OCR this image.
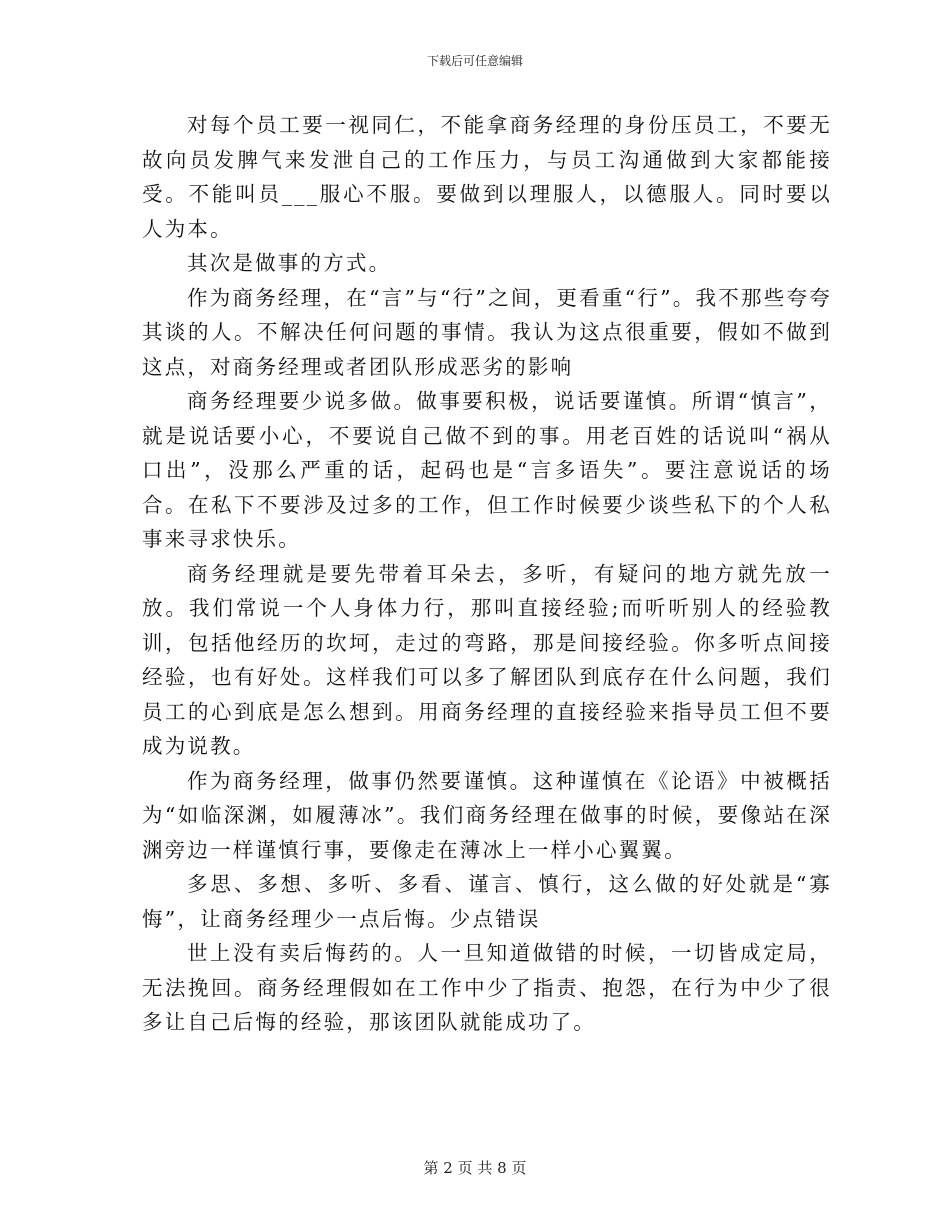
下载后可任意编辑

对每个员工要一视同仁，不能拿商务经理的身份压员工，不要无故向员发脾气来发泄自己的工作压力，与员工沟通做到大家都能接受。不能叫员___服心不服。要做到以理服人，以德服人。同时要以人为本。

其次是做事的方式。

作为商务经理，在“言”与“行”之间，更看重“行”。我不那些夸夸其谈的人。不解决任何问题的事情。我认为这点很重要，假如不做到这点，对商务经理或者团队形成恶劣的影响

商务经理要少说多做。做事要积极，说话要谨慎。所谓“慎言”，就是说话要小心，不要说自己做不到的事。用老百姓的话说叫“祸从口出”，没那么严重的话，起码也是“言多语失”。要注意说话的场合。在私下不要涉及过多的工作，但工作时候要少谈些私下的个人私事来寻求快乐。

商务经理就是要先带着耳朵去，多听，有疑问的地方就先放一放。我们常说一个人身体力行，那叫直接经验;而听听别人的经验教训，包括他经历的坎坷，走过的弯路，那是间接经验。你多听点间接经验，也有好处。这样我们可以多了解团队到底存在什么问题，我们员工的心到底是怎么想到。用商务经理的直接经验来指导员工但不要成为说教。

作为商务经理，做事仍然要谨慎。这种谨慎在《论语》中被概括为“如临深渊，如履薄冰”。我们商务经理在做事的时候，要像站在深渊旁边一样谨慎行事，要像走在薄冰上一样小心翼翼。

多思、多想、多听、多看、谨言、慎行，这么做的好处就是“寡悔”，让商务经理少一点后悔。少点错误

世上没有卖后悔药的。人一旦知道做错的时候，一切皆成定局，无法挽回。商务经理假如在工作中少了指责、抱怨，在行为中少了很多让自己后悔的经验，那该团队就能成功了。

第 2 页 共 8 页
